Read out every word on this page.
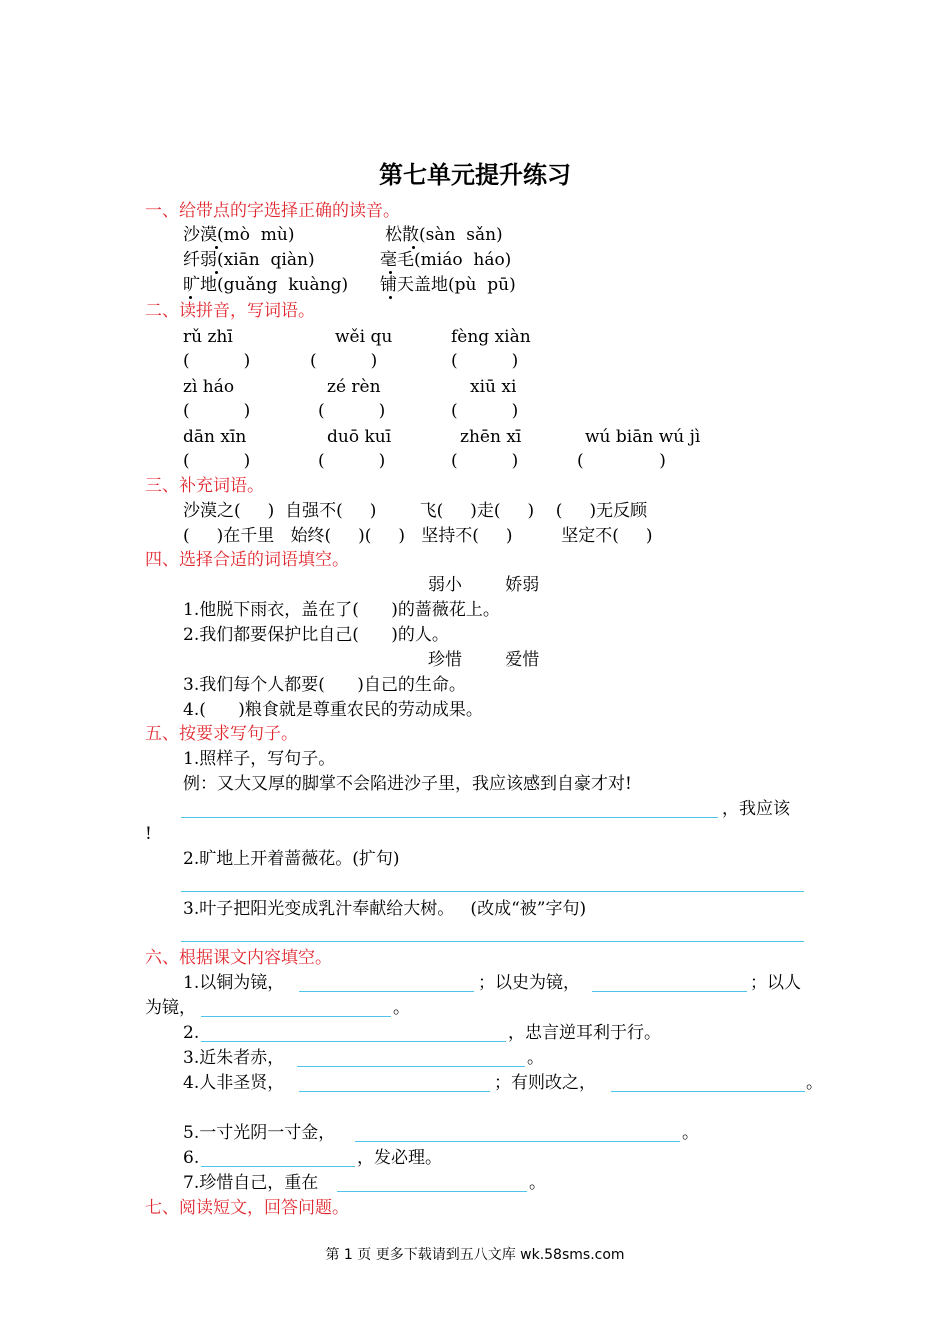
第七单元提升练习
一、给带点的字选择正确的读音。
沙漠(mò  mù)	松散(sàn  sǎn)
纤弱(xiān  qiàn)	毫毛(miáo  háo)
旷地(guǎng  kuàng) 铺天盖地(pù  pū)
二、读拼音，写词语。
rǔ zhī	wěi qu	fèng xiàn
(          )	(          )	(          )
zì háo	zé rèn	xiū xi
(          )	(          )	(          )
dān xīn	duō kuī	zhēn xī	wú biān wú jì
(          )	(          )	(          )	(              )
三、补充词语。
沙漠之(     )  自强不(     )        飞(     )走(     )    (     )无反顾
(     )在千里   始终(     )(     )   坚持不(     )         坚定不(     )
四、选择合适的词语填空。
弱小        娇弱
1.他脱下雨衣，盖在了(      )的蔷薇花上。
2.我们都要保护比自己(      )的人。
珍惜        爱惜
3.我们每个人都要(      )自己的生命。
4.(      )粮食就是尊重农民的劳动成果。
五、按要求写句子。
1.照样子，写句子。
例：又大又厚的脚掌不会陷进沙子里，我应该感到自豪才对!
，我应该
!
2.旷地上开着蔷薇花。(扩句)
3.叶子把阳光变成乳汁奉献给大树。   (改成“被”字句)
六、根据课文内容填空。
1.以铜为镜，	；以史为镜，	；以人
为镜，	。
2.	，忠言逆耳利于行。
3.近朱者赤，	。
4.人非圣贤，	；有则改之，	。
5.一寸光阴一寸金，	。
6.	，发必理。
7.珍惜自己，重在	。
七、阅读短文，回答问题。
第 1 页 更多下载请到五八文库 wk.58sms.com
